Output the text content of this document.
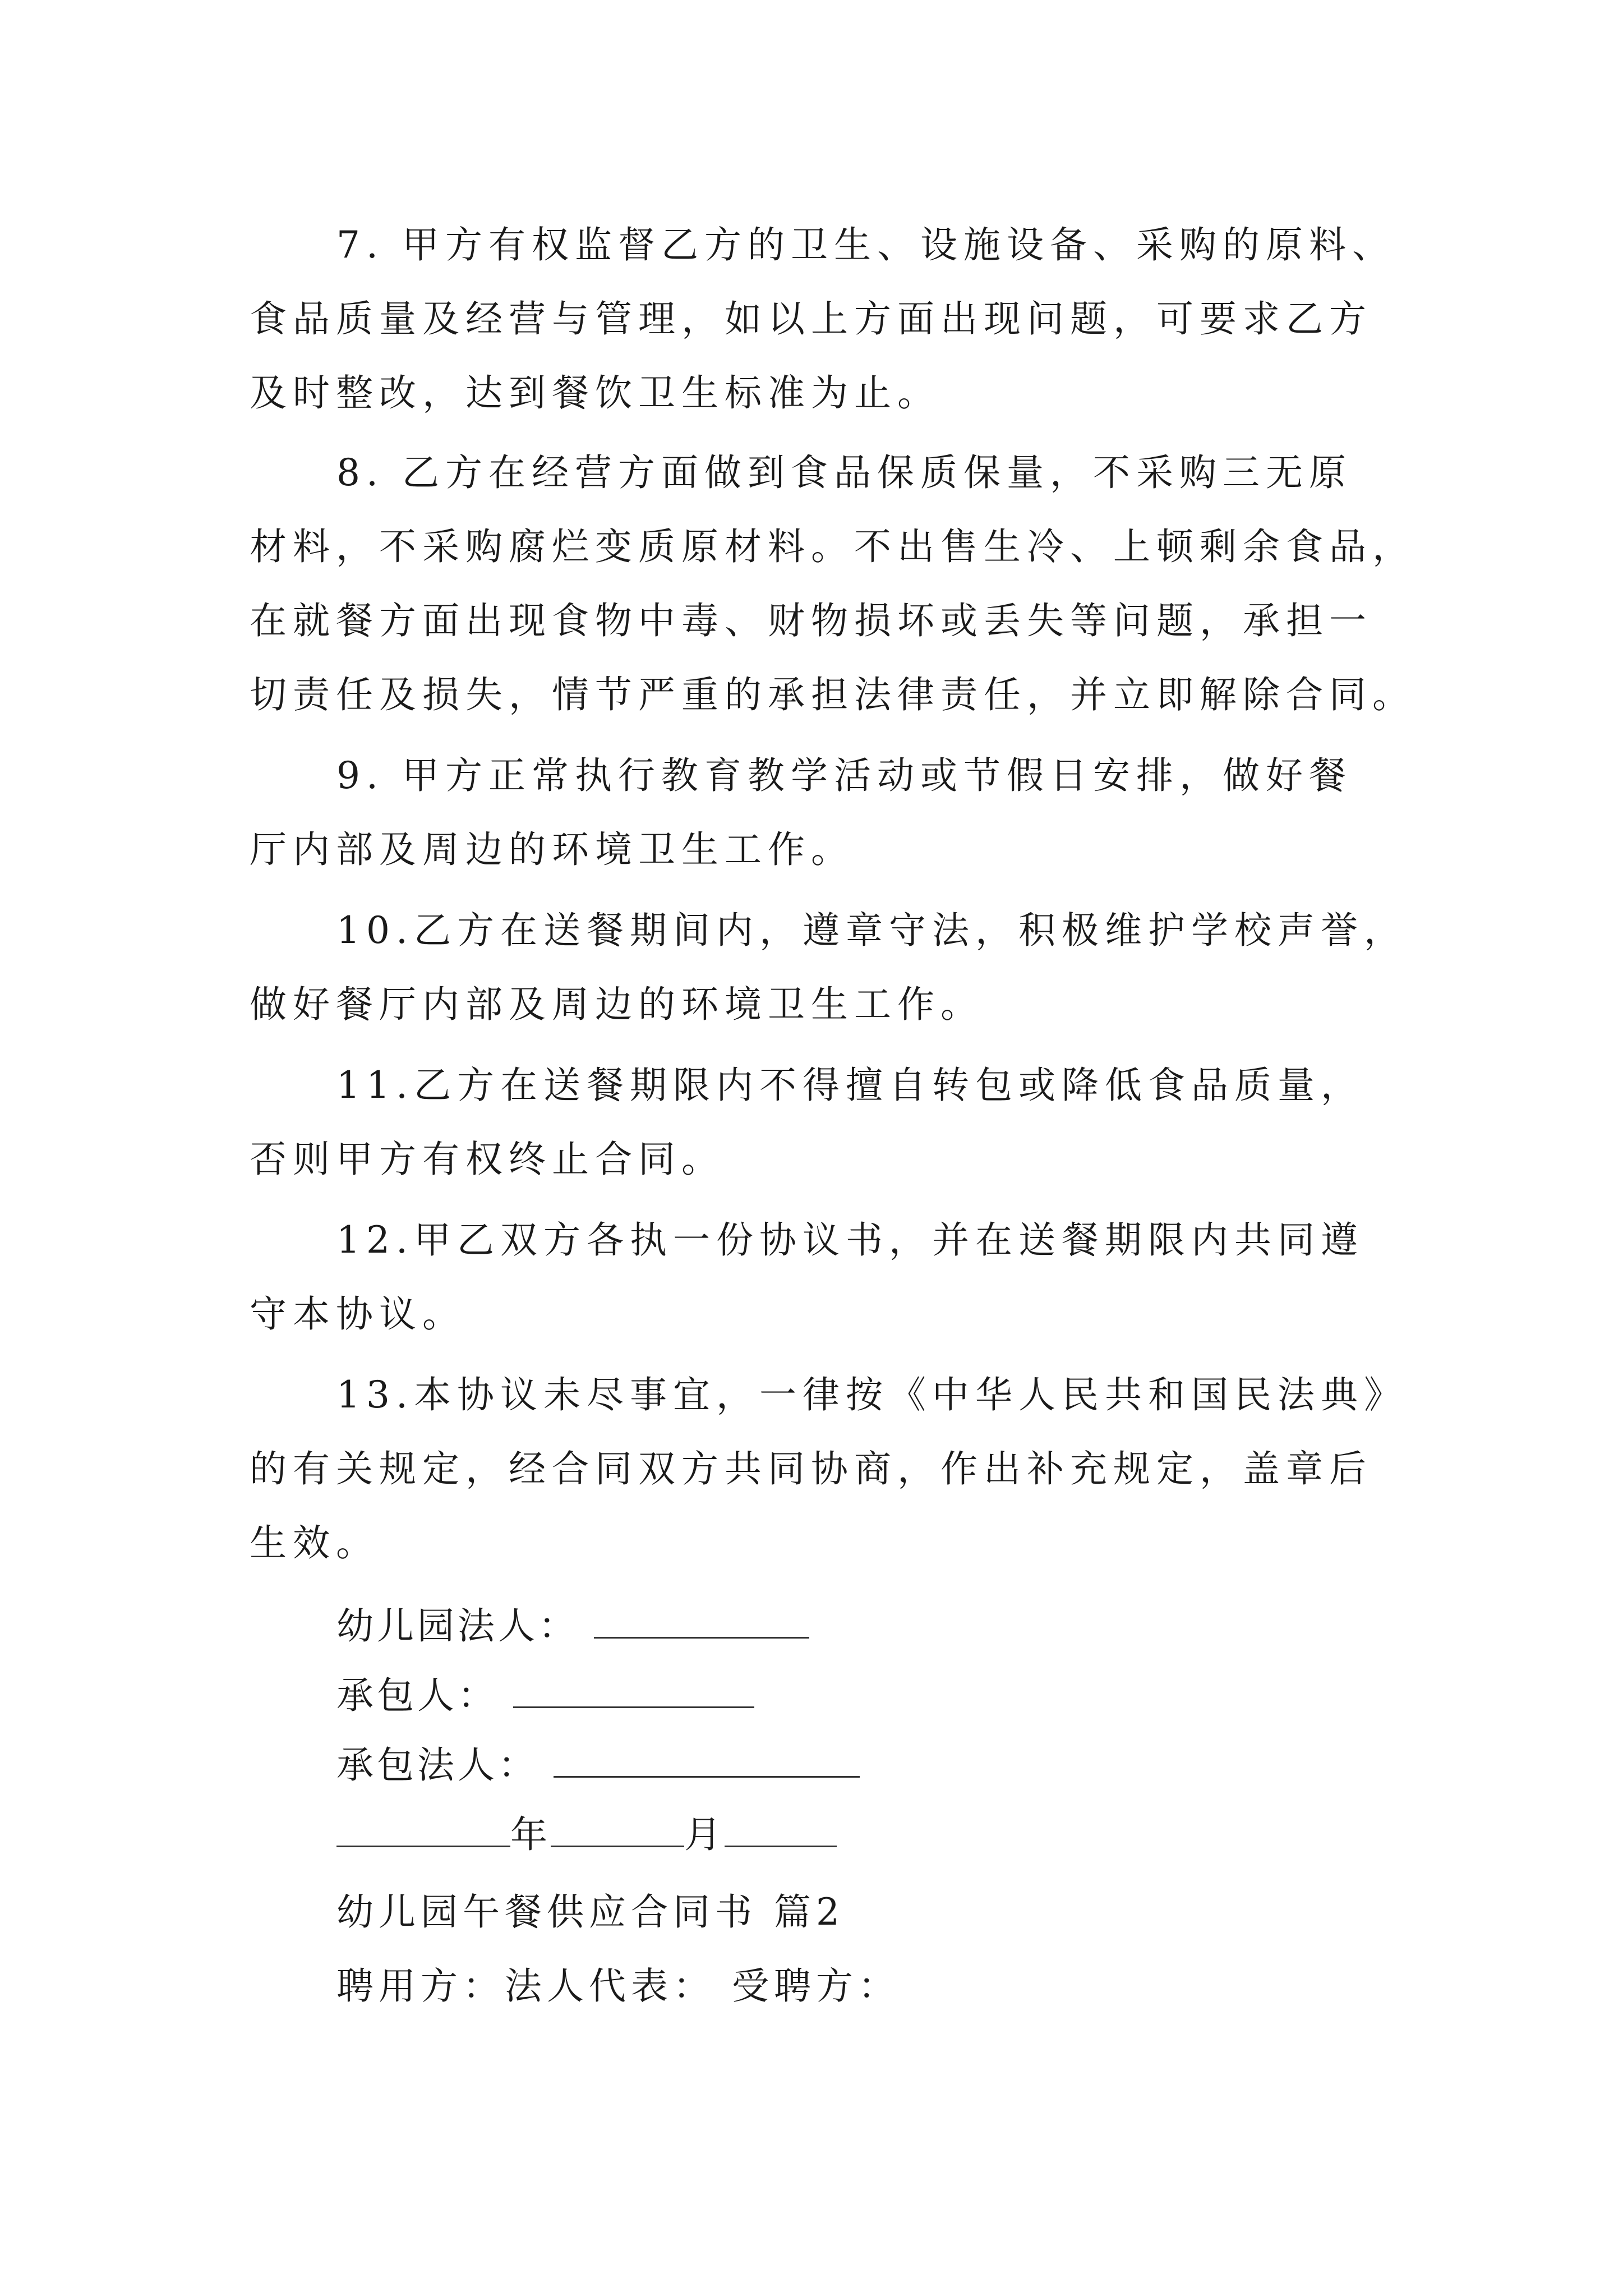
7. 甲方有权监督乙方的卫生、设施设备、采购的原料、
食品质量及经营与管理，如以上方面出现问题，可要求乙方
及时整改，达到餐饮卫生标准为止。
8. 乙方在经营方面做到食品保质保量，不采购三无原
材料，不采购腐烂变质原材料。不出售生冷、上顿剩余食品，
在就餐方面出现食物中毒、财物损坏或丢失等问题，承担一
切责任及损失，情节严重的承担法律责任，并立即解除合同。
9. 甲方正常执行教育教学活动或节假日安排，做好餐
厅内部及周边的环境卫生工作。
10.乙方在送餐期间内，遵章守法，积极维护学校声誉，
做好餐厅内部及周边的环境卫生工作。
11.乙方在送餐期限内不得擅自转包或降低食品质量，
否则甲方有权终止合同。
12.甲乙双方各执一份协议书，并在送餐期限内共同遵
守本协议。
13.本协议未尽事宜，一律按《中华人民共和国民法典》
的有关规定，经合同双方共同协商，作出补充规定，盖章后
生效。
幼儿园法人：
承包人：
承包法人：
年	月
幼儿园午餐供应合同书 篇2
聘用方：法人代表： 受聘方：
